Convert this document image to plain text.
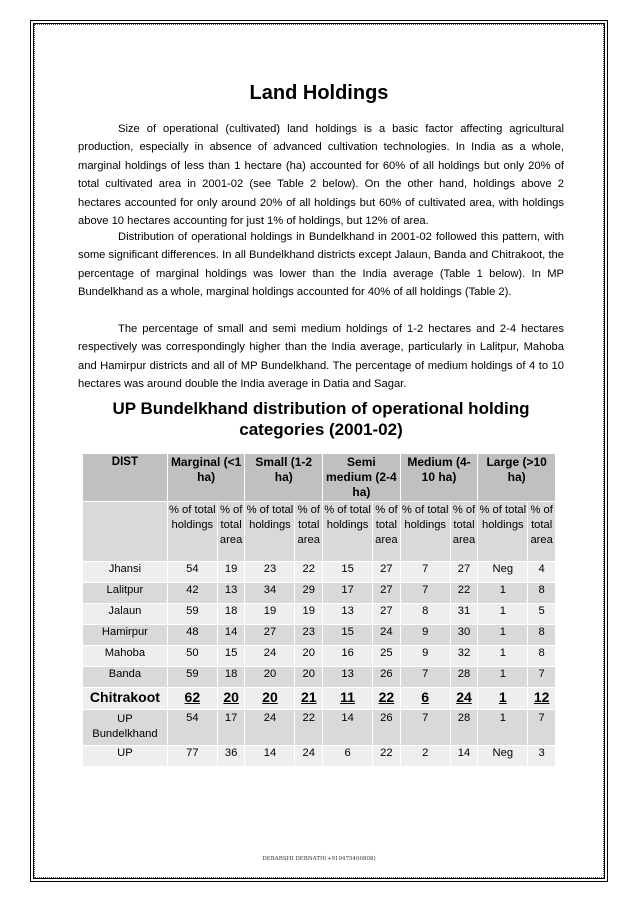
Land Holdings

Size of operational (cultivated) land holdings is a basic factor affecting agricultural production, especially in absence of advanced cultivation technologies. In India as a whole, marginal holdings of less than 1 hectare (ha) accounted for 60% of all holdings but only 20% of total cultivated area in 2001-02 (see Table 2 below). On the other hand, holdings above 2 hectares accounted for only around 20% of all holdings but 60% of cultivated area, with holdings above 10 hectares accounting for just 1% of holdings, but 12% of area.

Distribution of operational holdings in Bundelkhand in 2001-02 followed this pattern, with some significant differences. In all Bundelkhand districts except Jalaun, Banda and Chitrakoot, the percentage of marginal holdings was lower than the India average (Table 1 below). In MP Bundelkhand as a whole, marginal holdings accounted for 40% of all holdings (Table 2).

The percentage of small and semi medium holdings of 1-2 hectares and 2-4 hectares respectively was correspondingly higher than the India average, particularly in Lalitpur, Mahoba and Hamirpur districts and all of MP Bundelkhand. The percentage of medium holdings of 4 to 10 hectares was around double the India average in Datia and Sagar.

UP Bundelkhand distribution of operational holding categories (2001-02)
DIST	Marginal (<1 ha)		Small (1-2 ha)		Semi medium (2-4 ha)		Medium (4-10 ha)		Large (>10 ha)	
	% of total holdings	% of total area	% of total holdings	% of total area	% of total holdings	% of total area	% of total holdings	% of total area	% of total holdings	% of total area
Jhansi	54	19	23	22	15	27	7	27	Neg	4
Lalitpur	42	13	34	29	17	27	7	22	1	8
Jalaun	59	18	19	19	13	27	8	31	1	5
Hamirpur	48	14	27	23	15	24	9	30	1	8
Mahoba	50	15	24	20	16	25	9	32	1	8
Banda	59	18	20	20	13	26	7	28	1	7
Chitrakoot	62	20	20	21	11	22	6	24	1	12
UP Bundelkhand	54	17	24	22	14	26	7	28	1	7
UP	77	36	14	24	6	22	2	14	Neg	3
DEBARSHI DEBNATH(+919475400808)
